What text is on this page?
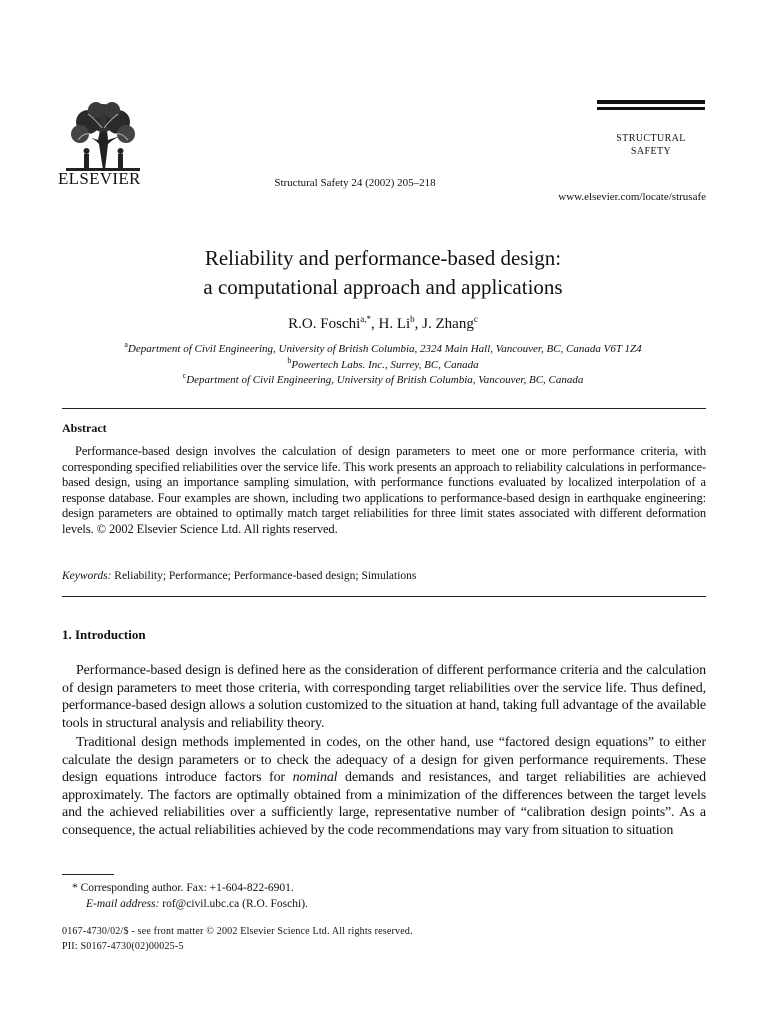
ELSEVIER	Structural Safety 24 (2002) 205–218
STRUCTURAL
SAFETY
www.elsevier.com/locate/strusafe
Reliability and performance-based design:
a computational approach and applications
R.O. Foschi$^{a,*}$, H. Li$^b$, J. Zhang$^c$
$^a$Department of Civil Engineering, University of British Columbia, 2324 Main Hall, Vancouver, BC, Canada V6T 1Z4
$^b$Powertech Labs. Inc., Surrey, BC, Canada
$^c$Department of Civil Engineering, University of British Columbia, Vancouver, BC, Canada
Abstract
Performance-based design involves the calculation of design parameters to meet one or more performance criteria, with corresponding specified reliabilities over the service life. This work presents an approach to reliability calculations in performance-based design, using an importance sampling simulation, with performance functions evaluated by localized interpolation of a response database. Four examples are shown, including two applications to performance-based design in earthquake engineering: design parameters are obtained to optimally match target reliabilities for three limit states associated with different deformation levels. © 2002 Elsevier Science Ltd. All rights reserved.
Keywords: Reliability; Performance; Performance-based design; Simulations
1. Introduction
Performance-based design is defined here as the consideration of different performance criteria and the calculation of design parameters to meet those criteria, with corresponding target reliabilities over the service life. Thus defined, performance-based design allows a solution customized to the situation at hand, taking full advantage of the available tools in structural analysis and reliability theory.
Traditional design methods implemented in codes, on the other hand, use “factored design equations” to either calculate the design parameters or to check the adequacy of a design for given performance requirements. These design equations introduce factors for nominal demands and resistances, and target reliabilities are achieved approximately. The factors are optimally obtained from a minimization of the differences between the target levels and the achieved reliabilities over a sufficiently large, representative number of “calibration design points”. As a consequence, the actual reliabilities achieved by the code recommendations may vary from situation to situation
* Corresponding author. Fax: +1-604-822-6901.
E-mail address: rof@civil.ubc.ca (R.O. Foschi).
0167-4730/02/$ - see front matter © 2002 Elsevier Science Ltd. All rights reserved.
PII: S0167-4730(02)00025-5
